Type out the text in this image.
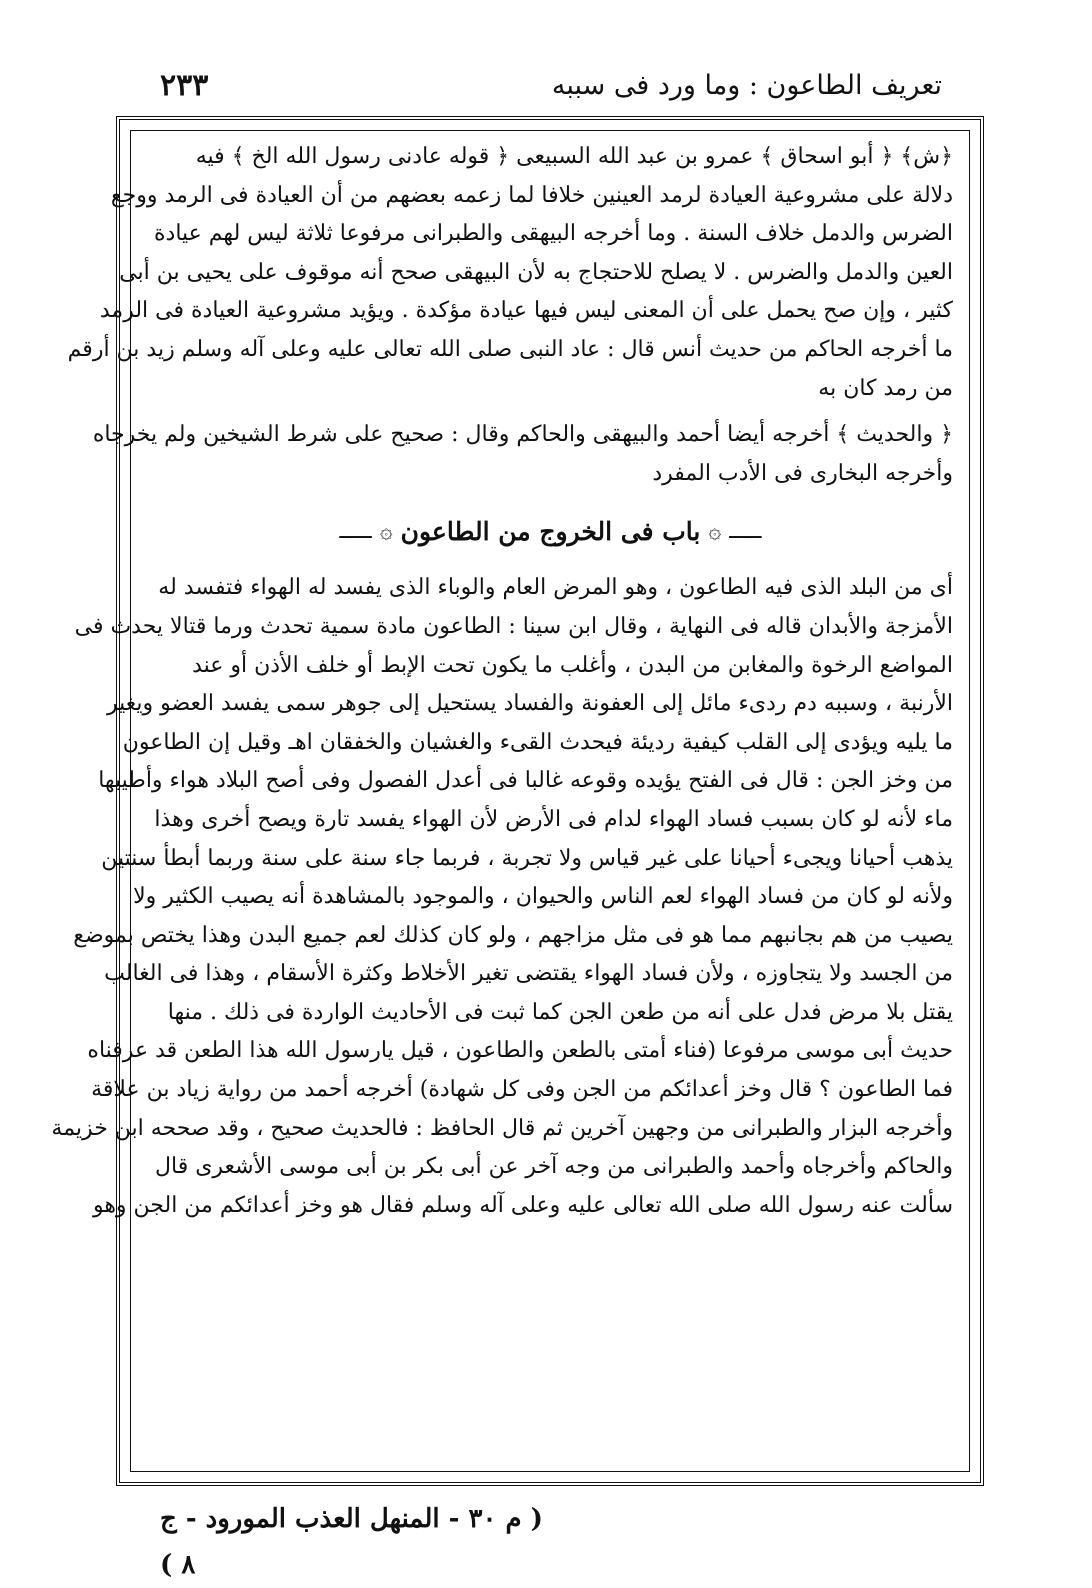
تعريف الطاعون : وما ورد فى سببه
٢٣٣
﴿ش﴾ ﴿ أبو اسحاق ﴾ عمرو بن عبد الله السبيعى ﴿ قوله عادنى رسول الله الخ ﴾ فيه
دلالة على مشروعية العيادة لرمد العينين خلافا لما زعمه بعضهم من أن العيادة فى الرمد ووجع
الضرس والدمل خلاف السنة . وما أخرجه البيهقى والطبرانى مرفوعا ثلاثة ليس لهم عيادة
العين والدمل والضرس . لا يصلح للاحتجاج به لأن البيهقى صحح أنه موقوف على يحيى بن أبى
كثير ، وإن صح يحمل على أن المعنى ليس فيها عيادة مؤكدة . ويؤيد مشروعية العيادة فى الرمد
ما أخرجه الحاكم من حديث أنس قال : عاد النبى صلى الله تعالى عليه وعلى آله وسلم زيد بن أرقم
من رمد كان به
﴿ والحديث ﴾ أخرجه أيضا أحمد والبيهقى والحاكم وقال : صحيح على شرط الشيخين ولم يخرجاه
وأخرجه البخارى فى الأدب المفرد
ـــــ
۞
باب فى الخروج من الطاعون
۞
ـــــ
أى من البلد الذى فيه الطاعون ، وهو المرض العام والوباء الذى يفسد له الهواء فتفسد له
الأمزجة والأبدان قاله فى النهاية ، وقال ابن سينا : الطاعون مادة سمية تحدث ورما قتالا يحدث فى
المواضع الرخوة والمغابن من البدن ، وأغلب ما يكون تحت الإبط أو خلف الأذن أو عند
الأرنبة ، وسببه دم ردىء مائل إلى العفونة والفساد يستحيل إلى جوهر سمى يفسد العضو ويغير
ما يليه ويؤدى إلى القلب كيفية رديئة فيحدث القىء والغشيان والخفقان اهـ وقيل إن الطاعون
من وخز الجن : قال فى الفتح يؤيده وقوعه غالبا فى أعدل الفصول وفى أصح البلاد هواء وأطيبها
ماء لأنه لو كان بسبب فساد الهواء لدام فى الأرض لأن الهواء يفسد تارة ويصح أخرى وهذا
يذهب أحيانا ويجىء أحيانا على غير قياس ولا تجربة ، فربما جاء سنة على سنة وربما أبطأ سنتين
ولأنه لو كان من فساد الهواء لعم الناس والحيوان ، والموجود بالمشاهدة أنه يصيب الكثير ولا
يصيب من هم بجانبهم مما هو فى مثل مزاجهم ، ولو كان كذلك لعم جميع البدن وهذا يختص بموضع
من الجسد ولا يتجاوزه ، ولأن فساد الهواء يقتضى تغير الأخلاط وكثرة الأسقام ، وهذا فى الغالب
يقتل بلا مرض فدل على أنه من طعن الجن كما ثبت فى الأحاديث الواردة فى ذلك . منها
حديث أبى موسى مرفوعا (فناء أمتى بالطعن والطاعون ، قيل يارسول الله هذا الطعن قد عرفناه
فما الطاعون ؟ قال وخز أعدائكم من الجن وفى كل شهادة) أخرجه أحمد من رواية زياد بن علاقة
وأخرجه البزار والطبرانى من وجهين آخرين ثم قال الحافظ : فالحديث صحيح ، وقد صححه ابن خزيمة
والحاكم وأخرجاه وأحمد والطبرانى من وجه آخر عن أبى بكر بن أبى موسى الأشعرى قال
سألت عنه رسول الله صلى الله تعالى عليه وعلى آله وسلم فقال هو وخز أعدائكم من الجن وهو
( م ٣٠ - المنهل العذب المورود - ج ٨ )
